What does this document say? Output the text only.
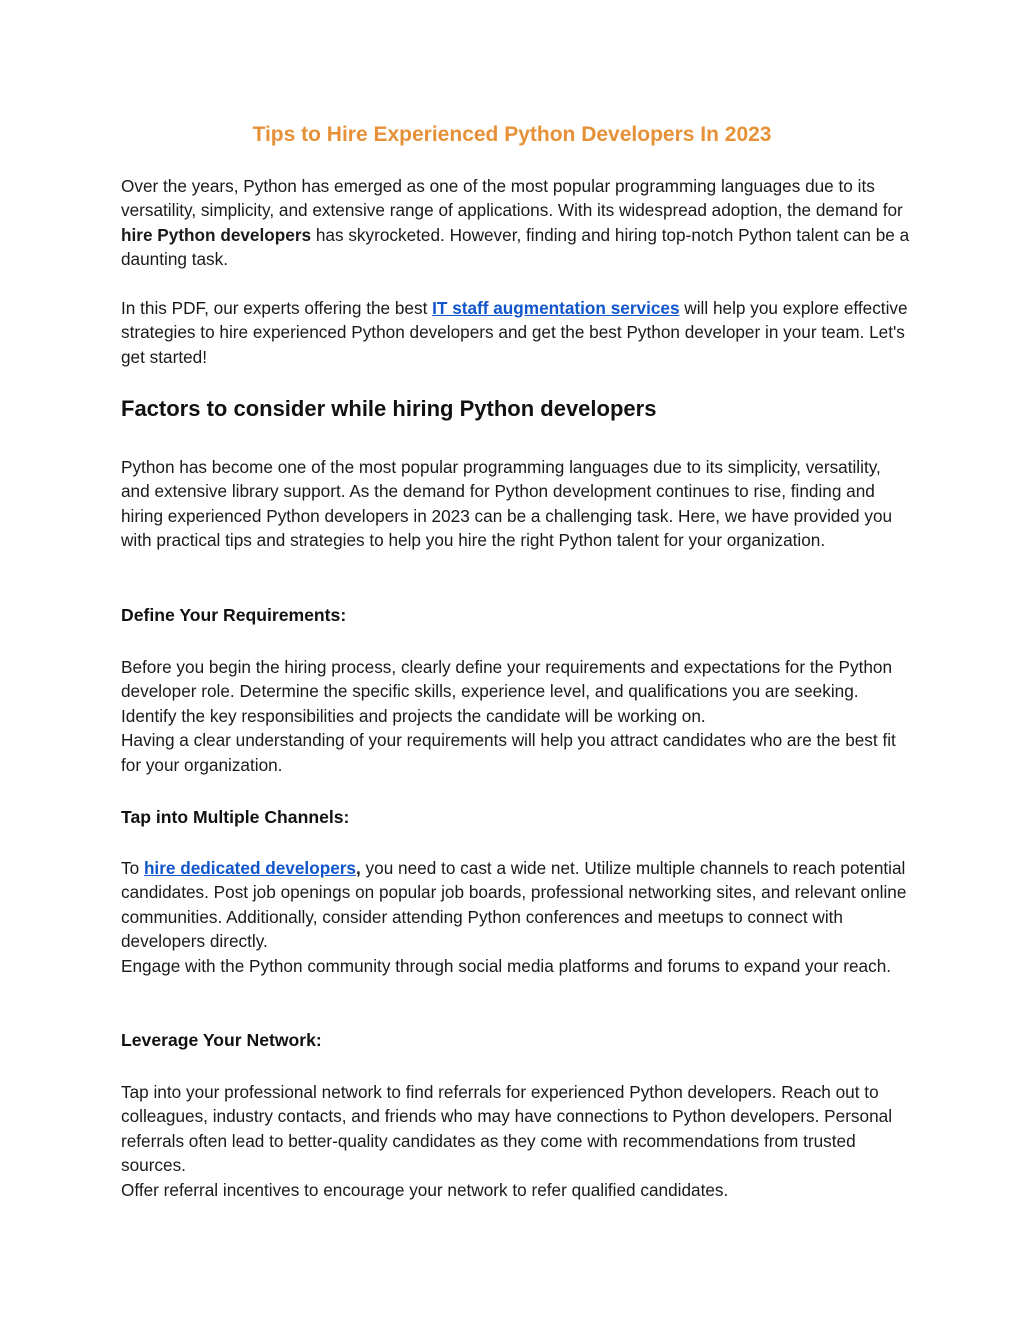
Tips to Hire Experienced Python Developers In 2023

Over the years, Python has emerged as one of the most popular programming languages due to its versatility, simplicity, and extensive range of applications. With its widespread adoption, the demand for hire Python developers has skyrocketed. However, finding and hiring top-notch Python talent can be a daunting task.

In this PDF, our experts offering the best IT staff augmentation services will help you explore effective strategies to hire experienced Python developers and get the best Python developer in your team. Let's get started!

Factors to consider while hiring Python developers

Python has become one of the most popular programming languages due to its simplicity, versatility, and extensive library support. As the demand for Python development continues to rise, finding and hiring experienced Python developers in 2023 can be a challenging task. Here, we have provided you with practical tips and strategies to help you hire the right Python talent for your organization.

Define Your Requirements:

Before you begin the hiring process, clearly define your requirements and expectations for the Python developer role. Determine the specific skills, experience level, and qualifications you are seeking. Identify the key responsibilities and projects the candidate will be working on.

Having a clear understanding of your requirements will help you attract candidates who are the best fit for your organization.

Tap into Multiple Channels:

To hire dedicated developers, you need to cast a wide net. Utilize multiple channels to reach potential candidates. Post job openings on popular job boards, professional networking sites, and relevant online communities. Additionally, consider attending Python conferences and meetups to connect with developers directly.

Engage with the Python community through social media platforms and forums to expand your reach.

Leverage Your Network:

Tap into your professional network to find referrals for experienced Python developers. Reach out to colleagues, industry contacts, and friends who may have connections to Python developers. Personal referrals often lead to better-quality candidates as they come with recommendations from trusted sources.

Offer referral incentives to encourage your network to refer qualified candidates.
